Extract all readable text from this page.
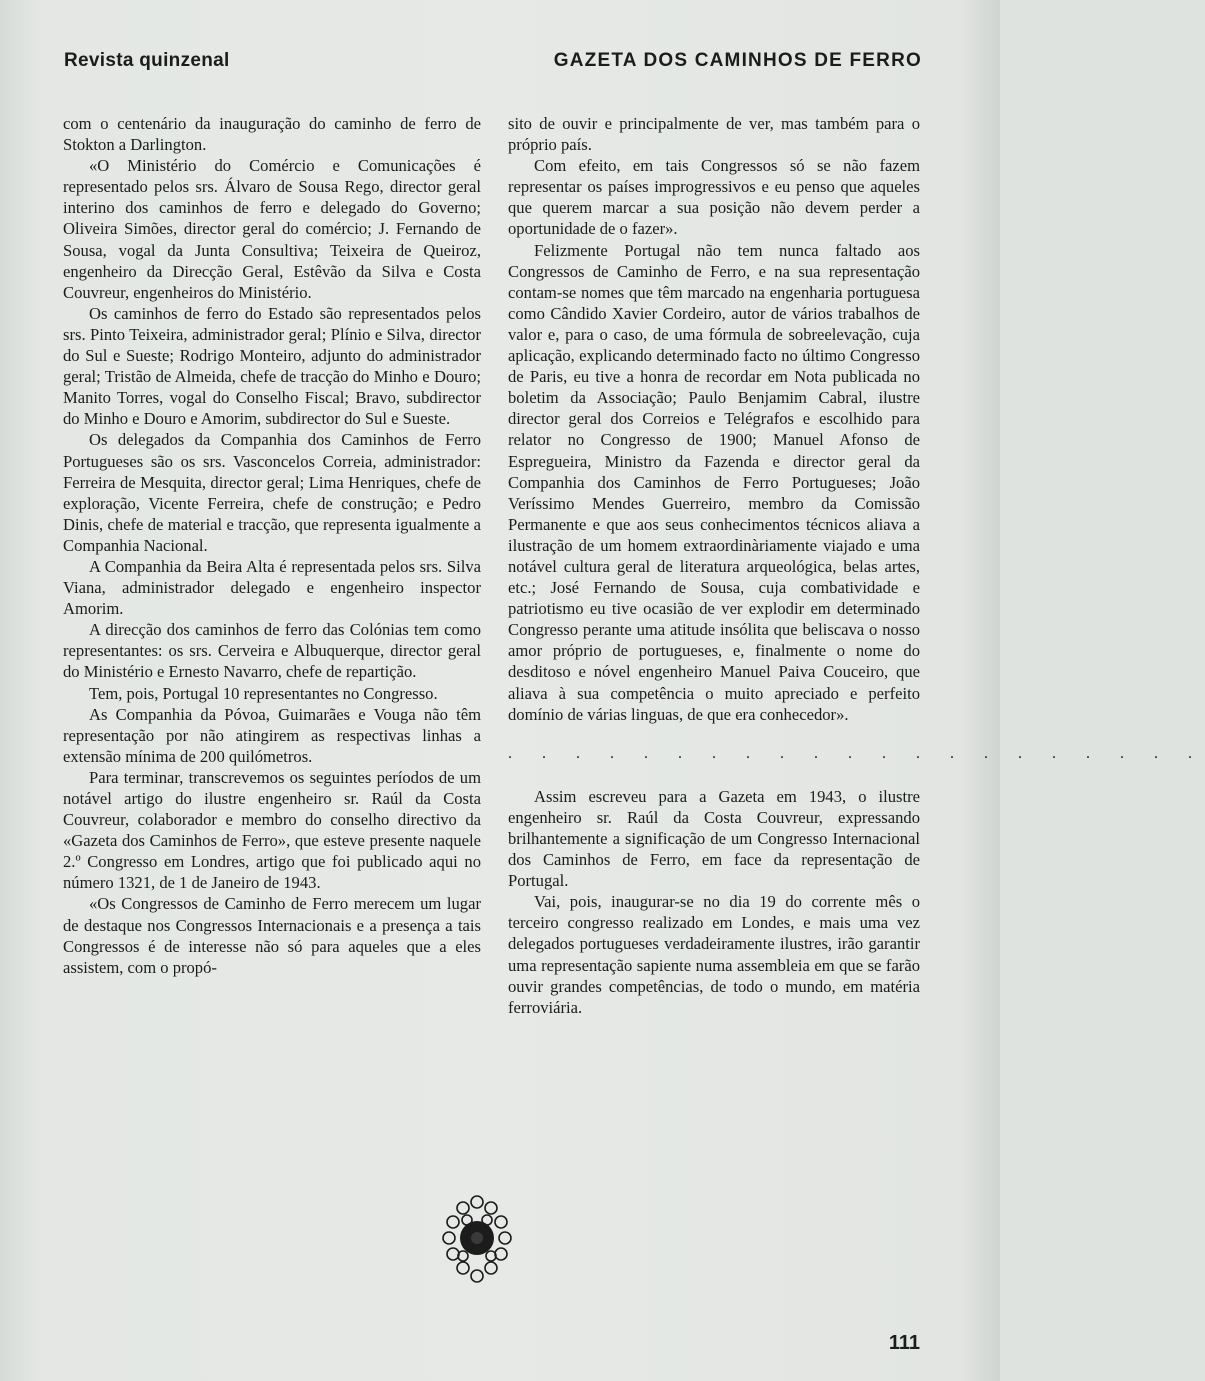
Revista quinzenal	GAZETA DOS CAMINHOS DE FERRO

com o centenário da inauguração do caminho de ferro de Stokton a Darlington.

«O Ministério do Comércio e Comunicações é representado pelos srs. Álvaro de Sousa Rego, director geral interino dos caminhos de ferro e delegado do Governo; Oliveira Simões, director geral do comércio; J. Fernando de Sousa, vogal da Junta Consultiva; Teixeira de Queiroz, engenheiro da Direcção Geral, Estêvão da Silva e Costa Couvreur, engenheiros do Ministério.

Os caminhos de ferro do Estado são representados pelos srs. Pinto Teixeira, administrador geral; Plínio e Silva, director do Sul e Sueste; Rodrigo Monteiro, adjunto do administrador geral; Tristão de Almeida, chefe de tracção do Minho e Douro; Manito Torres, vogal do Conselho Fiscal; Bravo, subdirector do Minho e Douro e Amorim, subdirector do Sul e Sueste.

Os delegados da Companhia dos Caminhos de Ferro Portugueses são os srs. Vasconcelos Correia, administrador: Ferreira de Mesquita, director geral; Lima Henriques, chefe de exploração, Vicente Ferreira, chefe de construção; e Pedro Dinis, chefe de material e tracção, que representa igualmente a Companhia Nacional.

A Companhia da Beira Alta é representada pelos srs. Silva Viana, administrador delegado e engenheiro inspector Amorim.

A direcção dos caminhos de ferro das Colónias tem como representantes: os srs. Cerveira e Albuquerque, director geral do Ministério e Ernesto Navarro, chefe de repartição.

Tem, pois, Portugal 10 representantes no Congresso.

As Companhia da Póvoa, Guimarães e Vouga não têm representação por não atingirem as respectivas linhas a extensão mínima de 200 quilómetros.

Para terminar, transcrevemos os seguintes períodos de um notável artigo do ilustre engenheiro sr. Raúl da Costa Couvreur, colaborador e membro do conselho directivo da «Gazeta dos Caminhos de Ferro», que esteve presente naquele 2.º Congresso em Londres, artigo que foi publicado aqui no número 1321, de 1 de Janeiro de 1943.

«Os Congressos de Caminho de Ferro merecem um lugar de destaque nos Congressos Internacionais e a presença a tais Congressos é de interesse não só para aqueles que a eles assistem, com o propó-

sito de ouvir e principalmente de ver, mas também para o próprio país.

Com efeito, em tais Congressos só se não fazem representar os países improgressivos e eu penso que aqueles que querem marcar a sua posição não devem perder a oportunidade de o fazer».

Felizmente Portugal não tem nunca faltado aos Congressos de Caminho de Ferro, e na sua representação contam-se nomes que têm marcado na engenharia portuguesa como Cândido Xavier Cordeiro, autor de vários trabalhos de valor e, para o caso, de uma fórmula de sobreelevação, cuja aplicação, explicando determinado facto no último Congresso de Paris, eu tive a honra de recordar em Nota publicada no boletim da Associação; Paulo Benjamim Cabral, ilustre director geral dos Correios e Telégrafos e escolhido para relator no Congresso de 1900; Manuel Afonso de Espregueira, Ministro da Fazenda e director geral da Companhia dos Caminhos de Ferro Portugueses; João Veríssimo Mendes Guerreiro, membro da Comissão Permanente e que aos seus conhecimentos técnicos aliava a ilustração de um homem extraordinàriamente viajado e uma notável cultura geral de literatura arqueológica, belas artes, etc.; José Fernando de Sousa, cuja combatividade e patriotismo eu tive ocasião de ver explodir em determinado Congresso perante uma atitude insólita que beliscava o nosso amor próprio de portugueses, e, finalmente o nome do desditoso e nóvel engenheiro Manuel Paiva Couceiro, que aliava à sua competência o muito apreciado e perfeito domínio de várias linguas, de que era conhecedor».

. . . . . . . . . . . . . . . . . . . . .

Assim escreveu para a Gazeta em 1943, o ilustre engenheiro sr. Raúl da Costa Couvreur, expressando brilhantemente a significação de um Congresso Internacional dos Caminhos de Ferro, em face da representação de Portugal.

Vai, pois, inaugurar-se no dia 19 do corrente mês o terceiro congresso realizado em Londes, e mais uma vez delegados portugueses verdadeiramente ilustres, irão garantir uma representação sapiente numa assembleia em que se farão ouvir grandes competências, de todo o mundo, em matéria ferroviária.

111
